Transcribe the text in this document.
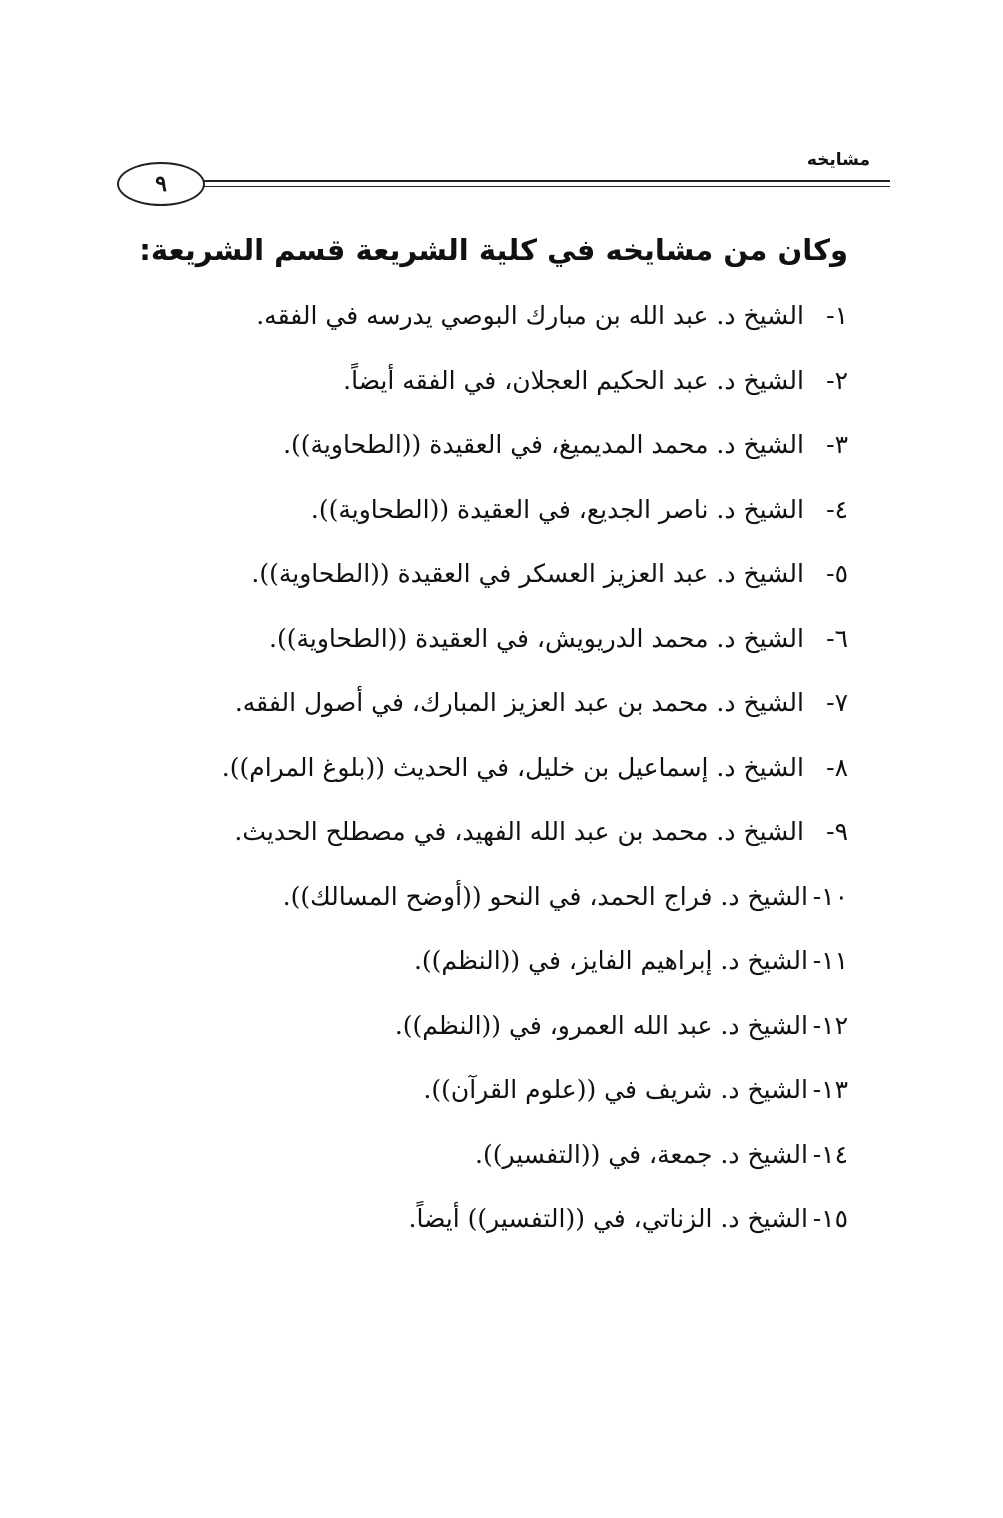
مشايخه
٩
وكان من مشايخه في كلية الشريعة قسم الشريعة:
١-
الشيخ د. عبد الله بن مبارك البوصي يدرسه في الفقه.
٢-
الشيخ د. عبد الحكيم العجلان، في الفقه أيضاً.
٣-
الشيخ د. محمد المديميغ، في العقيدة ((الطحاوية)).
٤-
الشيخ د. ناصر الجديع، في العقيدة ((الطحاوية)).
٥-
الشيخ د. عبد العزيز العسكر في العقيدة ((الطحاوية)).
٦-
الشيخ د. محمد الدريويش، في العقيدة ((الطحاوية)).
٧-
الشيخ د. محمد بن عبد العزيز المبارك، في أصول الفقه.
٨-
الشيخ د. إسماعيل بن خليل، في الحديث ((بلوغ المرام)).
٩-
الشيخ د. محمد بن عبد الله الفهيد، في مصطلح الحديث.
١٠-
الشيخ د. فراج الحمد، في النحو ((أوضح المسالك)).
١١-
الشيخ د. إبراهيم الفايز، في ((النظم)).
١٢-
الشيخ د. عبد الله العمرو، في ((النظم)).
١٣-
الشيخ د. شريف في ((علوم القرآن)).
١٤-
الشيخ د. جمعة، في ((التفسير)).
١٥-
الشيخ د. الزناتي، في ((التفسير)) أيضاً.
